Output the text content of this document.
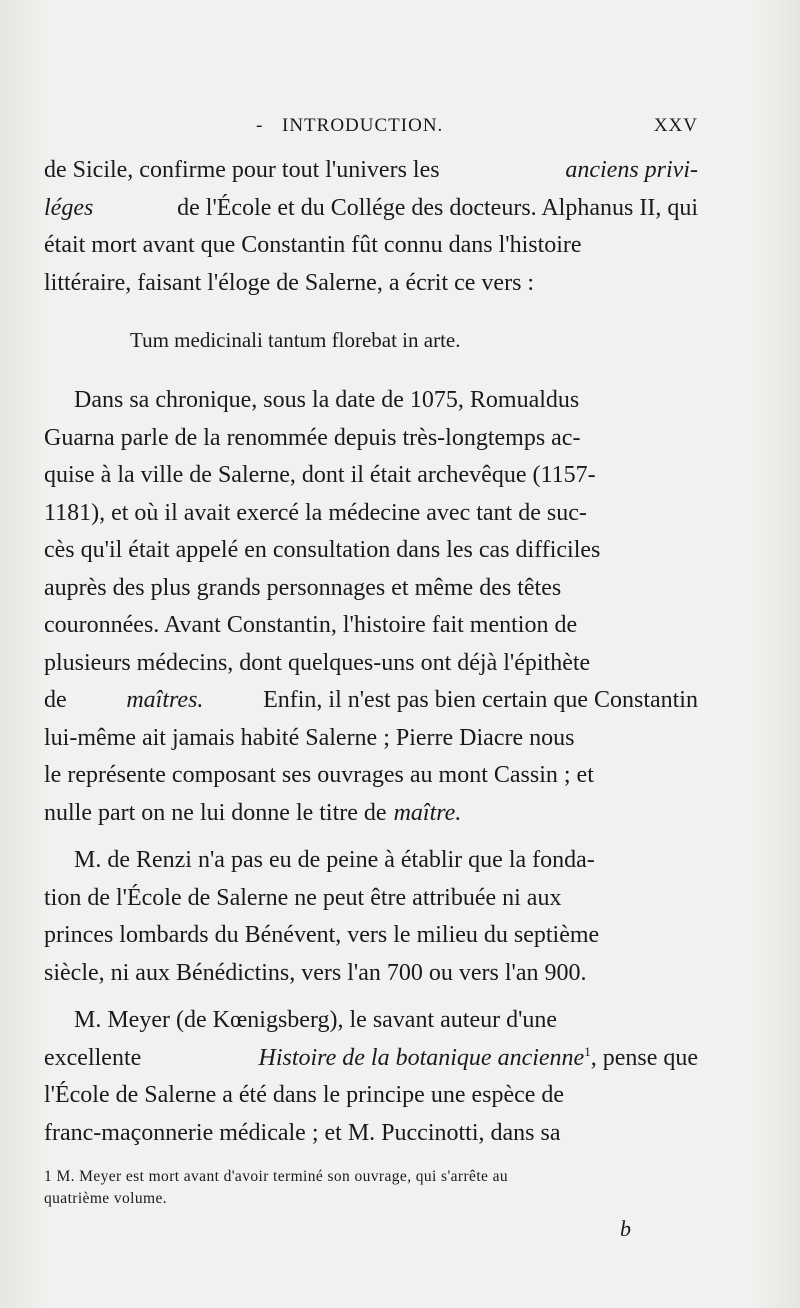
- INTRODUCTION.	XXV
de Sicile, confirme pour tout l'univers les	anciens privi-
léges	de l'École et du Collége des docteurs. Alphanus II, qui
était mort avant que Constantin fût connu dans l'histoire
littéraire, faisant l'éloge de Salerne, a écrit ce vers :
Tum medicinali tantum florebat in arte.
Dans sa chronique, sous la date de 1075, Romualdus
Guarna parle de la renommée depuis très-longtemps ac-
quise à la ville de Salerne, dont il était archevêque (1157-
1181), et où il avait exercé la médecine avec tant de suc-
cès qu'il était appelé en consultation dans les cas difficiles
auprès des plus grands personnages et même des têtes
couronnées. Avant Constantin, l'histoire fait mention de
plusieurs médecins, dont quelques-uns ont déjà l'épithète
de maîtres. Enfin, il n'est pas bien certain que Constantin
lui-même ait jamais habité Salerne ; Pierre Diacre nous
le représente composant ses ouvrages au mont Cassin ; et
nulle part on ne lui donne le titre de maître.
M. de Renzi n'a pas eu de peine à établir que la fonda-
tion de l'École de Salerne ne peut être attribuée ni aux
princes lombards du Bénévent, vers le milieu du septième
siècle, ni aux Bénédictins, vers l'an 700 ou vers l'an 900.
M. Meyer (de Kœnigsberg), le savant auteur d'une
excellente	Histoire de la botanique ancienne$^1$, pense que
l'École de Salerne a été dans le principe une espèce de
franc-maçonnerie médicale ; et M. Puccinotti, dans sa
1 M. Meyer est mort avant d'avoir terminé son ouvrage, qui s'arrête au
quatrième volume.
b
